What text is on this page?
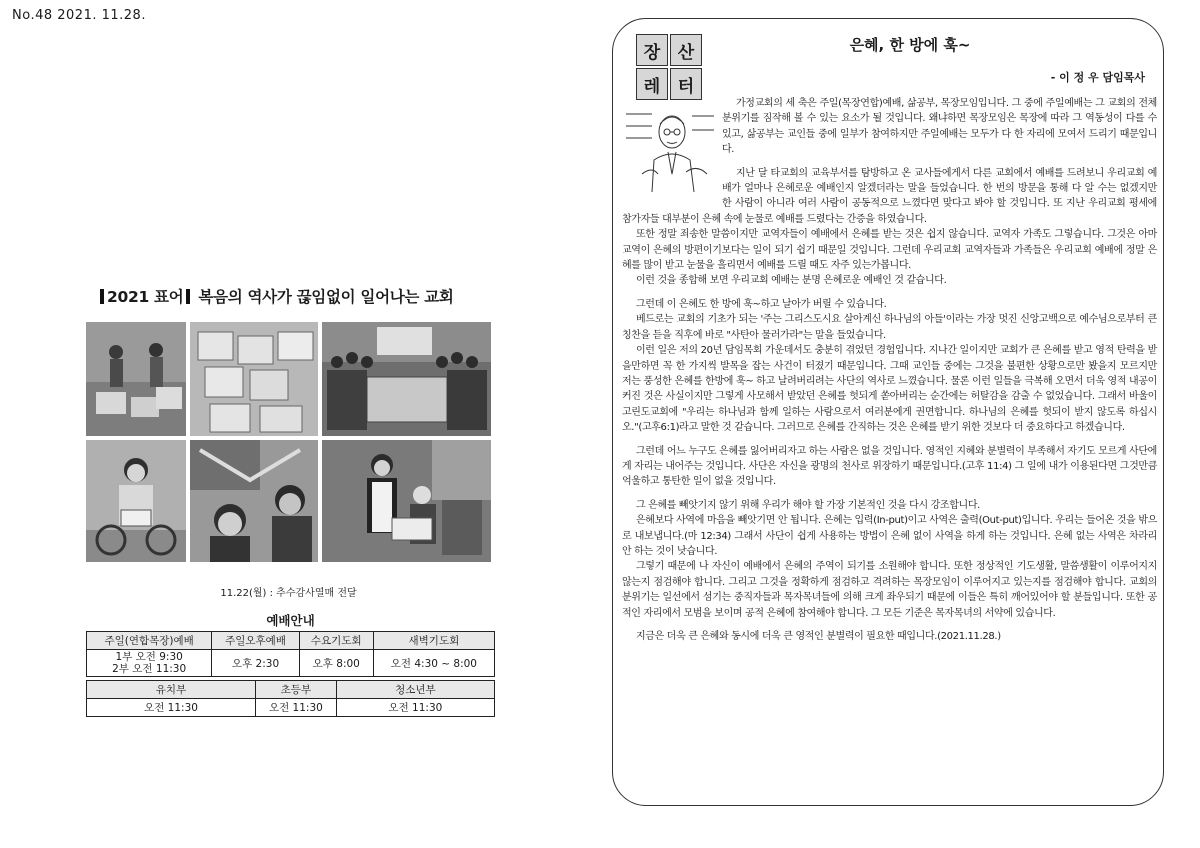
No.48 2021. 11.28.
2021 표어 복음의 역사가 끊임없이 일어나는 교회
11.22(월) : 추수감사열매 전달
예배안내					
주일(연합목장)예배	주일오후예배		수요기도회		새벽기도회

1부 오전 9:30
2부 오전 11:30	오후 2:30		오후 8:00		오전 4:30 ~ 8:00

유치부		초등부		청소년부	
오전 11:30		오전 11:30		오전 11:30	
장	산
레	터
은혜, 한 방에 훅~
- 이 정 우 담임목사

가정교회의 세 축은 주일(목장연합)예배, 삶공부, 목장모임입니다. 그 중에 주일예배는 그 교회의 전체 분위기를 짐작해 볼 수 있는 요소가 될 것입니다. 왜냐하면 목장모임은 목장에 따라 그 역동성이 다를 수 있고, 삶공부는 교인들 중에 일부가 참여하지만 주일예배는 모두가 다 한 자리에 모여서 드리기 때문입니다.

지난 달 타교회의 교육부서를 탐방하고 온 교사들에게서 다른 교회에서 예배를 드려보니 우리교회 예배가 얼마나 은혜로운 예배인지 알겠더라는 말을 들었습니다. 한 번의 방문을 통해 다 알 수는 없겠지만 한 사람이 아니라 여러 사람이 공동적으로 느꼈다면 맞다고 봐야 할 것입니다. 또 지난 우리교회 평세에 참가자들 대부분이 은혜 속에 눈물로 예배를 드렸다는 간증을 하였습니다.

또한 정말 죄송한 말씀이지만 교역자들이 예배에서 은혜를 받는 것은 쉽지 않습니다. 교역자 가족도 그렇습니다. 그것은 아마 교역이 은혜의 방편이기보다는 일이 되기 쉽기 때문일 것입니다. 그런데 우리교회 교역자들과 가족들은 우리교회 예배에 정말 은혜를 많이 받고 눈물을 흘리면서 예배를 드릴 때도 자주 있는가봅니다.

이런 것을 종합해 보면 우리교회 예배는 분명 은혜로운 예배인 것 같습니다.

그런데 이 은혜도 한 방에 훅~하고 날아가 버릴 수 있습니다.

베드로는 교회의 기초가 되는 '주는 그리스도시요 살아계신 하나님의 아들'이라는 가장 멋진 신앙고백으로 예수님으로부터 큰 칭찬을 듣을 직후에 바로 "사탄아 물러가라"는 말을 들었습니다.

이런 일은 저의 20년 담임목회 가운데서도 충분히 겪었던 경험입니다. 지나간 일이지만 교회가 큰 은혜를 받고 영적 탄력을 받을만하면 꼭 한 가지씩 발목을 잡는 사건이 터졌기 때문입니다. 그때 교인들 중에는 그것을 불편한 상황으로만 봤을지 모르지만 저는 풍성한 은혜를 한방에 훅~ 하고 날려버리려는 사단의 역사로 느꼈습니다. 물론 이런 일들을 극복해 오면서 더욱 영적 내공이 커진 것은 사실이지만 그렇게 사모해서 받았던 은혜를 헛되게 쏟아버리는 순간에는 허탈감을 감출 수 없었습니다. 그래서 바울이 고린도교회에 "우리는 하나님과 함께 일하는 사람으로서 여러분에게 권면합니다. 하나님의 은혜를 헛되이 받지 않도록 하십시오."(고후6:1)라고 말한 것 같습니다. 그러므로 은혜를 간직하는 것은 은혜를 받기 위한 것보다 더 중요하다고 하겠습니다.

그런데 어느 누구도 은혜를 잃어버리자고 하는 사람은 없을 것입니다. 영적인 지혜와 분별력이 부족해서 자기도 모르게 사단에게 자리는 내어주는 것입니다. 사단은 자신을 광명의 천사로 위장하기 때문입니다.(고후 11:4) 그 일에 내가 이용된다면 그것만큼 억울하고 통탄한 일이 없을 것입니다.

그 은혜를 빼앗기지 않기 위해 우리가 해야 할 가장 기본적인 것을 다시 강조합니다.

은혜보다 사역에 마음을 빼앗기면 안 됩니다. 은혜는 입력(In-put)이고 사역은 출력(Out-put)입니다. 우리는 들어온 것을 밖으로 내보냅니다.(마 12:34) 그래서 사단이 쉽게 사용하는 방법이 은혜 없이 사역을 하게 하는 것입니다. 은혜 없는 사역은 차라리 안 하는 것이 낫습니다.

그렇기 때문에 나 자신이 예배에서 은혜의 주역이 되기를 소원해야 합니다. 또한 정상적인 기도생활, 말씀생활이 이루어지지 않는지 점검해야 합니다. 그리고 그것을 정확하게 점검하고 격려하는 목장모임이 이루어지고 있는지를 점검해야 합니다. 교회의 분위기는 일선에서 섬기는 중직자들과 목자목녀들에 의해 크게 좌우되기 때문에 이들은 특히 깨어있어야 할 분들입니다. 또한 공적인 자리에서 모범을 보이며 공적 은혜에 참여해야 합니다. 그 모든 기준은 목자목녀의 서약에 있습니다.

지금은 더욱 큰 은혜와 동시에 더욱 큰 영적인 분별력이 필요한 때입니다.(2021.11.28.)
